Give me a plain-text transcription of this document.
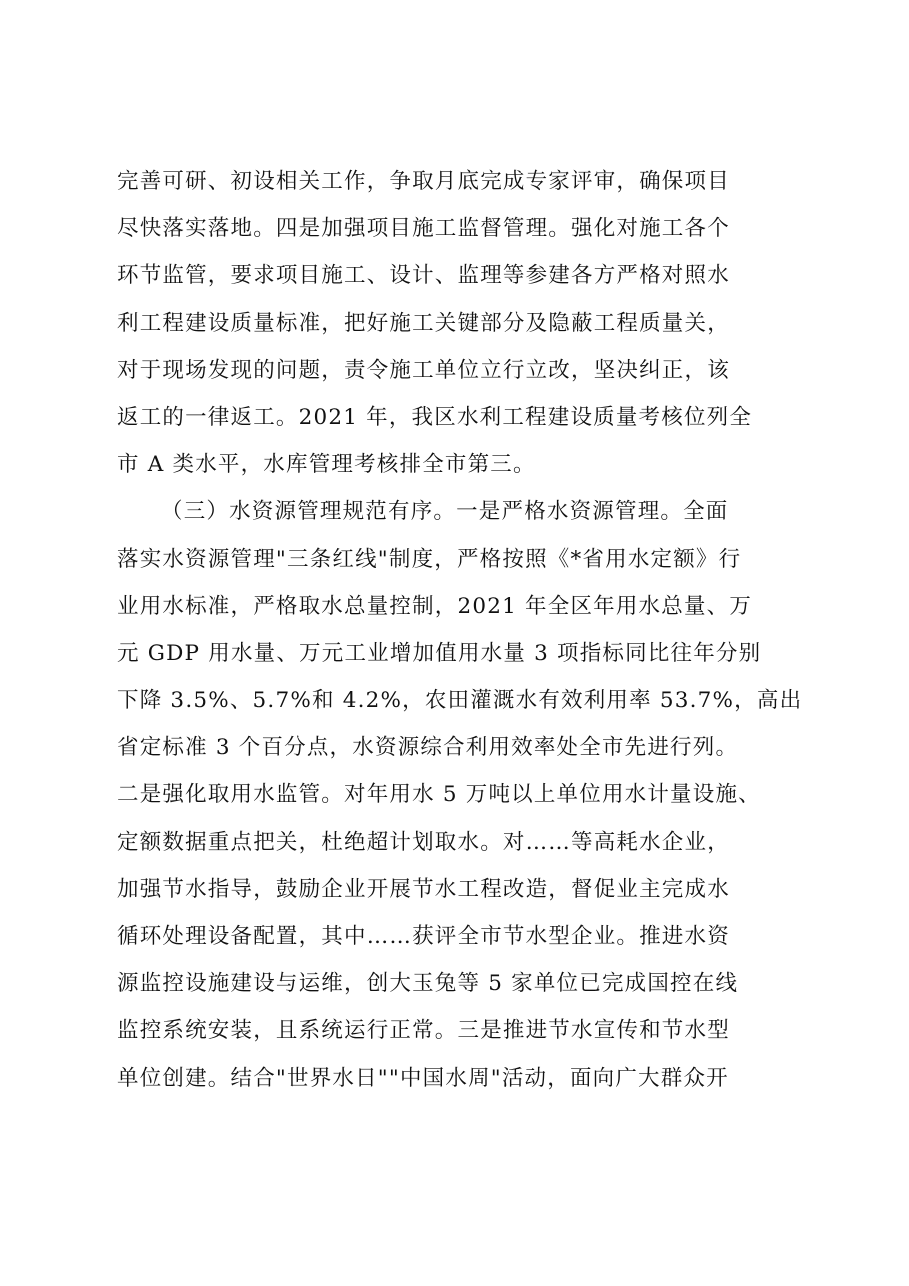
完善可研、初设相关工作，争取月底完成专家评审，确保项目
尽快落实落地。四是加强项目施工监督管理。强化对施工各个
环节监管，要求项目施工、设计、监理等参建各方严格对照水
利工程建设质量标准，把好施工关键部分及隐蔽工程质量关，
对于现场发现的问题，责令施工单位立行立改，坚决纠正，该
返工的一律返工。2021 年，我区水利工程建设质量考核位列全
市 A 类水平，水库管理考核排全市第三。
（三）水资源管理规范有序。一是严格水资源管理。全面
落实水资源管理"三条红线"制度，严格按照《*省用水定额》行
业用水标准，严格取水总量控制，2021 年全区年用水总量、万
元 GDP 用水量、万元工业增加值用水量 3 项指标同比往年分别
下降 3.5%、5.7%和 4.2%，农田灌溉水有效利用率 53.7%，高出
省定标准 3 个百分点，水资源综合利用效率处全市先进行列。
二是强化取用水监管。对年用水 5 万吨以上单位用水计量设施、
定额数据重点把关，杜绝超计划取水。对……等高耗水企业，
加强节水指导，鼓励企业开展节水工程改造，督促业主完成水
循环处理设备配置，其中……获评全市节水型企业。推进水资
源监控设施建设与运维，创大玉兔等 5 家单位已完成国控在线
监控系统安装，且系统运行正常。三是推进节水宣传和节水型
单位创建。结合"世界水日""中国水周"活动，面向广大群众开
